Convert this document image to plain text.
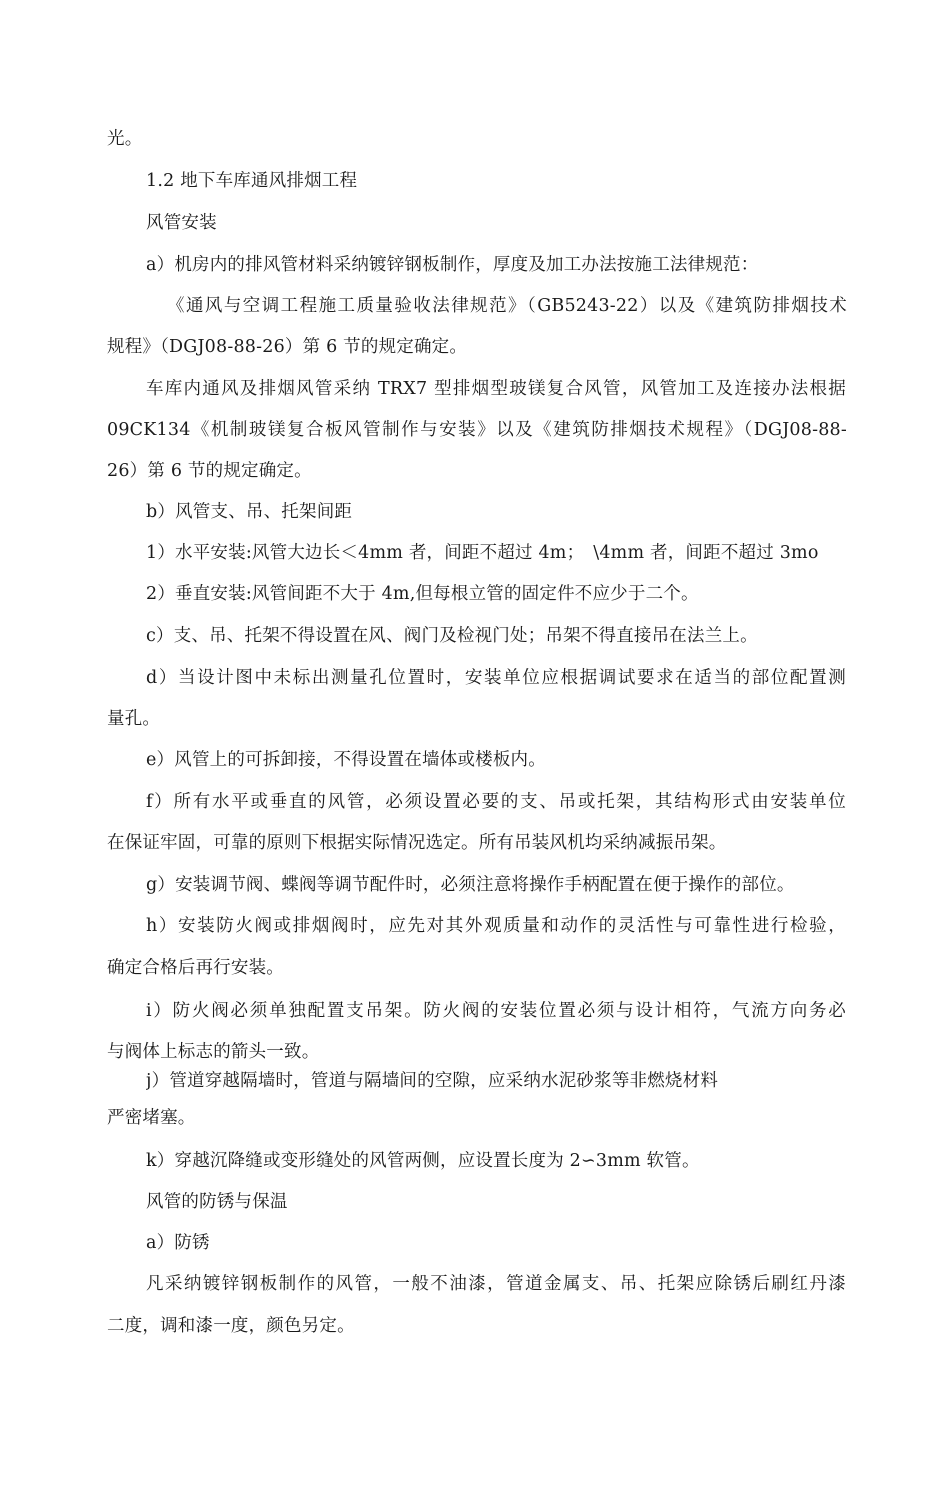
光。
1.2 地下车库通风排烟工程
风管安装
a）机房内的排风管材料采纳镀锌钢板制作，厚度及加工办法按施工法律规范：
《通风与空调工程施工质量验收法律规范》（GB5243-22）以及《建筑防排烟技术
规程》（DGJ08-88-26）第 6 节的规定确定。
车库内通风及排烟风管采纳 TRX7 型排烟型玻镁复合风管，风管加工及连接办法根据
09CK134《机制玻镁复合板风管制作与安装》以及《建筑防排烟技术规程》（DGJ08-88-
26）第 6 节的规定确定。
b）风管支、吊、托架间距
1）水平安装:风管大边长＜4mm 者，间距不超过 4m；　\4mm 者，间距不超过 3mo
2）垂直安装:风管间距不大于 4m,但每根立管的固定件不应少于二个。
c）支、吊、托架不得设置在风、阀门及检视门处；吊架不得直接吊在法兰上。
d）当设计图中未标出测量孔位置时，安装单位应根据调试要求在适当的部位配置测
量孔。
e）风管上的可拆卸接，不得设置在墙体或楼板内。
f）所有水平或垂直的风管，必须设置必要的支、吊或托架，其结构形式由安装单位
在保证牢固，可靠的原则下根据实际情况选定。所有吊装风机均采纳减振吊架。
g）安装调节阀、蝶阀等调节配件时，必须注意将操作手柄配置在便于操作的部位。
h）安装防火阀或排烟阀时，应先对其外观质量和动作的灵活性与可靠性进行检验，
确定合格后再行安装。
i）防火阀必须单独配置支吊架。防火阀的安装位置必须与设计相符，气流方向务必
与阀体上标志的箭头一致。
j）管道穿越隔墙时，管道与隔墙间的空隙，应采纳水泥砂浆等非燃烧材料
严密堵塞。
k）穿越沉降缝或变形缝处的风管两侧，应设置长度为 2∽3mm 软管。
风管的防锈与保温
a）防锈
凡采纳镀锌钢板制作的风管，一般不油漆，管道金属支、吊、托架应除锈后刷红丹漆
二度，调和漆一度，颜色另定。
